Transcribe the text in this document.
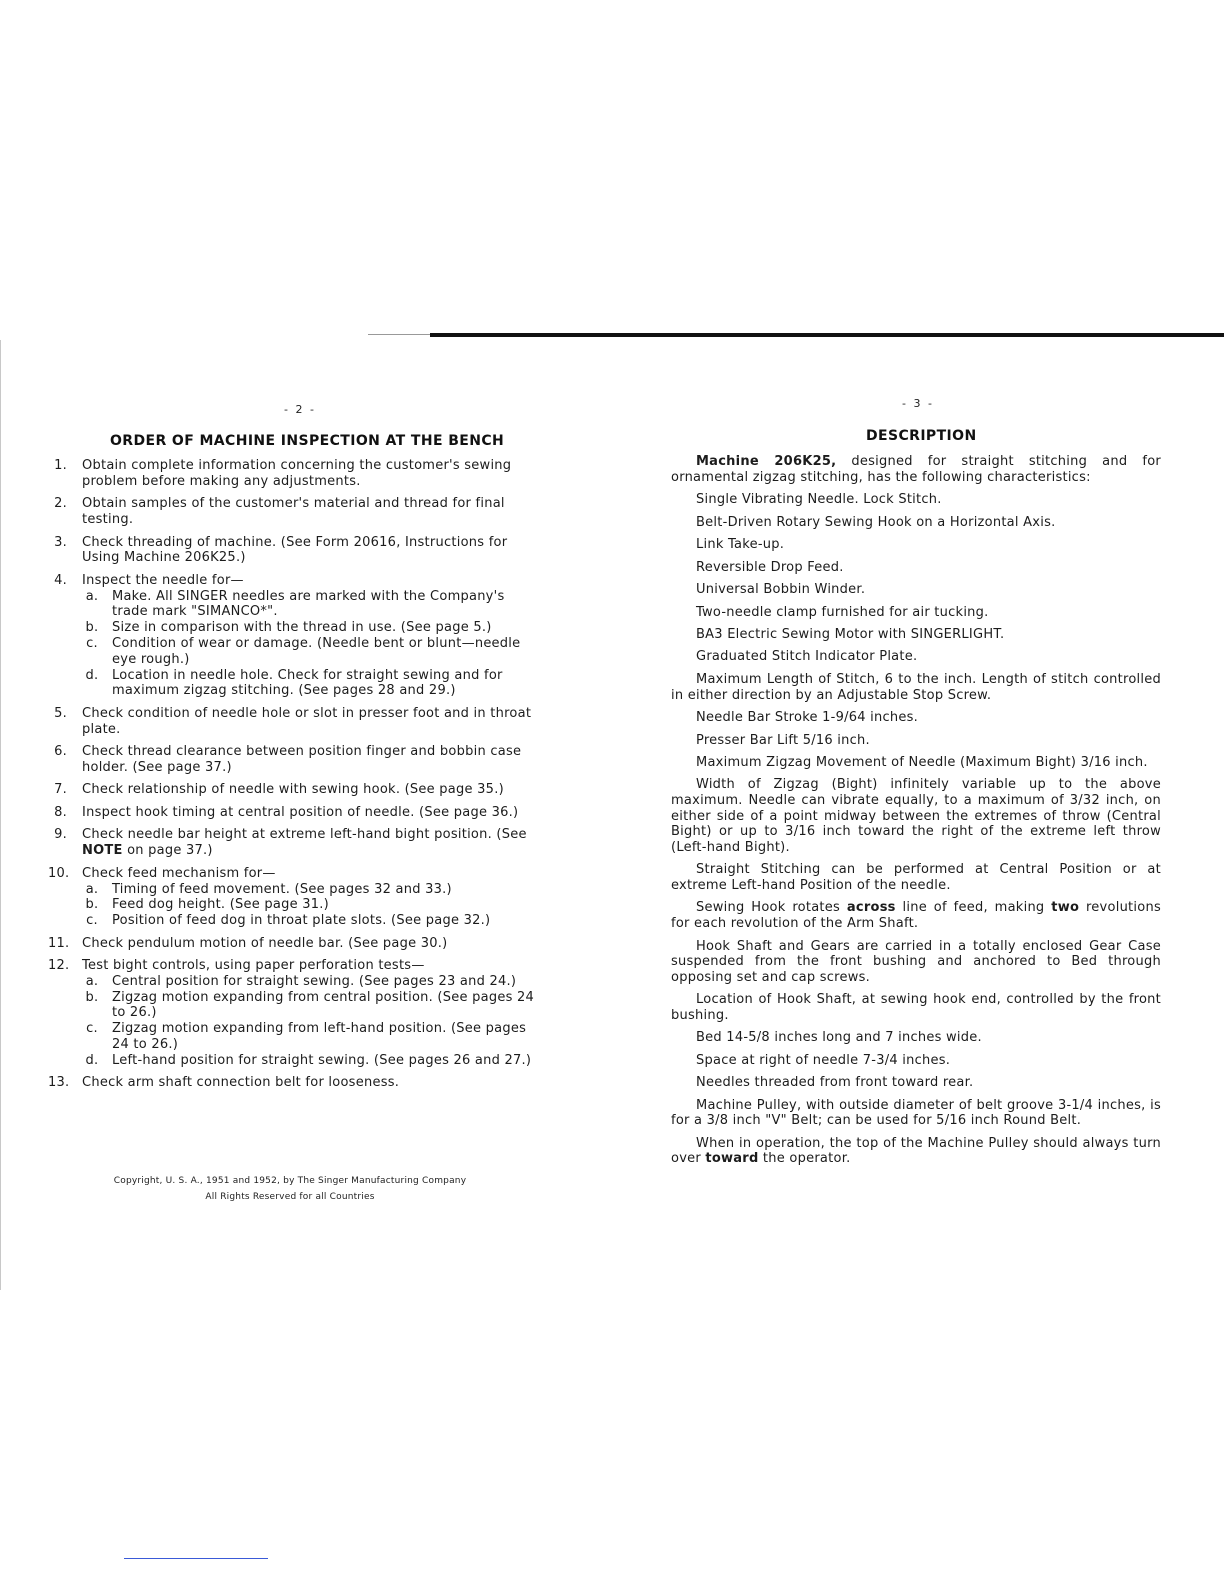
- 2 -
ORDER OF MACHINE INSPECTION AT THE BENCH
1. Obtain complete information concerning the customer's sewing problem before making any adjustments.
2. Obtain samples of the customer's material and thread for final testing.
3. Check threading of machine. (See Form 20616, Instructions for Using Machine 206K25.)
4. Inspect the needle for—
a. Make. All SINGER needles are marked with the Company's trade mark "SIMANCO*".
b. Size in comparison with the thread in use. (See page 5.)
c.	Condition of wear or damage. (Needle bent or blunt—needle eye rough.)
d. Location in needle hole. Check for straight sewing and for maximum zigzag stitching. (See pages 28 and 29.)
5. Check condition of needle hole or slot in presser foot and in throat plate.
6. Check thread clearance between position finger and bobbin case holder. (See page 37.)
7. Check relationship of needle with sewing hook. (See page 35.)
8. Inspect hook timing at central position of needle. (See page 36.)
9. Check needle bar height at extreme left-hand bight position. (See NOTE on page 37.)
10. Check feed mechanism for—
a. Timing of feed movement. (See pages 32 and 33.)
b. Feed dog height. (See page 31.)
c.	Position of feed dog in throat plate slots. (See page 32.)
11. Check pendulum motion of needle bar. (See page 30.)
12. Test bight controls, using paper perforation tests—
a. Central position for straight sewing. (See pages 23 and 24.)
b. Zigzag motion expanding from central position. (See pages 24 to 26.)
c.	Zigzag motion expanding from left-hand position. (See pages 24 to 26.)
d. Left-hand position for straight sewing. (See pages 26 and 27.)
13. Check arm shaft connection belt for looseness.
Copyright, U. S. A., 1951 and 1952, by The Singer Manufacturing Company
All Rights Reserved for all Countries
- 3 -
DESCRIPTION

Machine 206K25, designed for straight stitching and for ornamental zigzag stitching, has the following characteristics:

Single Vibrating Needle. Lock Stitch.

Belt-Driven Rotary Sewing Hook on a Horizontal Axis.

Link Take-up.

Reversible Drop Feed.

Universal Bobbin Winder.

Two-needle clamp furnished for air tucking.

BA3 Electric Sewing Motor with SINGERLIGHT.

Graduated Stitch Indicator Plate.

Maximum Length of Stitch, 6 to the inch. Length of stitch controlled in either direction by an Adjustable Stop Screw.

Needle Bar Stroke 1-9/64 inches.

Presser Bar Lift 5/16 inch.

Maximum Zigzag Movement of Needle (Maximum Bight) 3/16 inch.

Width of Zigzag (Bight) infinitely variable up to the above maximum. Needle can vibrate equally, to a maximum of 3/32 inch, on either side of a point midway between the extremes of throw (Central Bight) or up to 3/16 inch toward the right of the extreme left throw (Left-hand Bight).

Straight Stitching can be performed at Central Position or at extreme Left-hand Position of the needle.

Sewing Hook rotates across line of feed, making two revolutions for each revolution of the Arm Shaft.

Hook Shaft and Gears are carried in a totally enclosed Gear Case suspended from the front bushing and anchored to Bed through opposing set and cap screws.

Location of Hook Shaft, at sewing hook end, controlled by the front bushing.

Bed 14-5/8 inches long and 7 inches wide.

Space at right of needle 7-3/4 inches.

Needles threaded from front toward rear.

Machine Pulley, with outside diameter of belt groove 3-1/4 inches, is for a 3/8 inch "V" Belt; can be used for 5/16 inch Round Belt.

When in operation, the top of the Machine Pulley should always turn over toward the operator.
